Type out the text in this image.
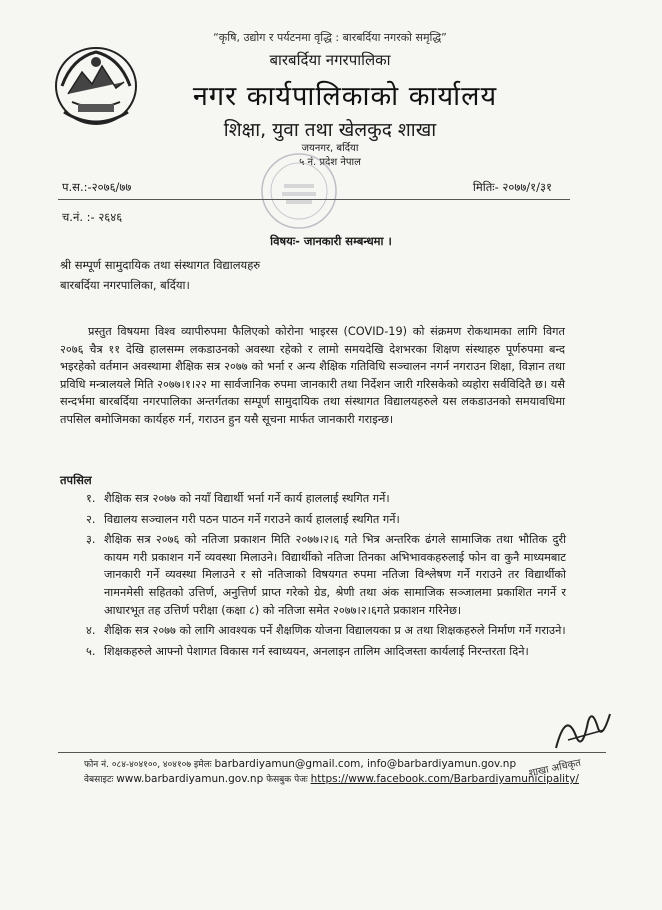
“कृषि, उद्योग र पर्यटनमा वृद्धि : बारबर्दिया नगरको समृद्धि”
बारबर्दिया नगरपालिका
नगर कार्यपालिकाको कार्यालय
शिक्षा, युवा तथा खेलकुद शाखा
जयनगर, बर्दिया
५ नं. प्रदेश नेपाल
प.स.:-२०७६/७७	मितिः- २०७७/१/३१
च.नं. :- २६४६
विषयः- जानकारी सम्बन्धमा ।
श्री सम्पूर्ण सामुदायिक तथा संस्थागत विद्यालयहरु
बारबर्दिया नगरपालिका, बर्दिया।
प्रस्तुत विषयमा विश्व व्यापीरुपमा फैलिएको कोरोना भाइरस (COVID-19) को संक्रमण रोकथामका लागि विगत २०७६ चैत्र ११ देखि हालसम्म लकडाउनको अवस्था रहेको र लामो समयदेखि देशभरका शिक्षण संस्थाहरु पूर्णरुपमा बन्द भइरहेको वर्तमान अवस्थामा शैक्षिक सत्र २०७७ को भर्ना र अन्य शैक्षिक गतिविधि सञ्चालन नगर्न नगराउन शिक्षा, विज्ञान तथा प्रविधि मन्त्रालयले मिति २०७७।१।२२ मा सार्वजानिक रुपमा जानकारी तथा निर्देशन जारी गरिसकेको व्यहोरा सर्वविदितै छ। यसै सन्दर्भमा बारबर्दिया नगरपालिका अन्तर्गतका सम्पूर्ण सामुदायिक तथा संस्थागत विद्यालयहरुले यस लकडाउनको समयावधिमा तपसिल बमोजिमका कार्यहरु गर्न, गराउन हुन यसै सूचना मार्फत जानकारी गराइन्छ।
तपसिल
१. शैक्षिक सत्र २०७७ को नयाँ विद्यार्थी भर्ना गर्ने कार्य हाललाई स्थगित गर्ने।
२. विद्यालय सञ्चालन गरी पठन पाठन गर्ने गराउने कार्य हाललाई स्थगित गर्ने।
३. शैक्षिक सत्र २०७६ को नतिजा प्रकाशन मिति २०७७।२।६ गते भित्र अन्तरिक ढंगले सामाजिक तथा भौतिक दुरी कायम गरी प्रकाशन गर्ने व्यवस्था मिलाउने। विद्यार्थीको नतिजा तिनका अभिभावकहरुलाई फोन वा कुनै माध्यमबाट जानकारी गर्ने व्यवस्था मिलाउने र सो नतिजाको विषयगत रुपमा नतिजा विश्लेषण गर्ने गराउने तर विद्यार्थीको नामनमेसी सहितको उत्तिर्ण, अनुत्तिर्ण प्राप्त गरेको ग्रेड, श्रेणी तथा अंक सामाजिक सञ्जालमा प्रकाशित नगर्ने र आधारभूत तह उत्तिर्ण परीक्षा (कक्षा ८) को नतिजा समेत २०७७।२।६गते प्रकाशन गरिनेछ।
४. शैक्षिक सत्र २०७७ को लागि आवश्यक पर्ने शैक्षणिक योजना विद्यालयका प्र अ तथा शिक्षकहरुले निर्माण गर्ने गराउने।
५. शिक्षकहरुले आफ्नो पेशागत विकास गर्न स्वाध्ययन, अनलाइन तालिम आदिजस्ता कार्यलाई निरन्तरता दिने।
शाखा अधिकृत
फोन नं. ०८४-४०४१००, ४०४१०७ इमेलः barbardiyamun@gmail.com, info@barbardiyamun.gov.np
वेबसाइटः www.barbardiyamun.gov.np फेसबुक पेजः https://www.facebook.com/Barbardiyamunicipality/
